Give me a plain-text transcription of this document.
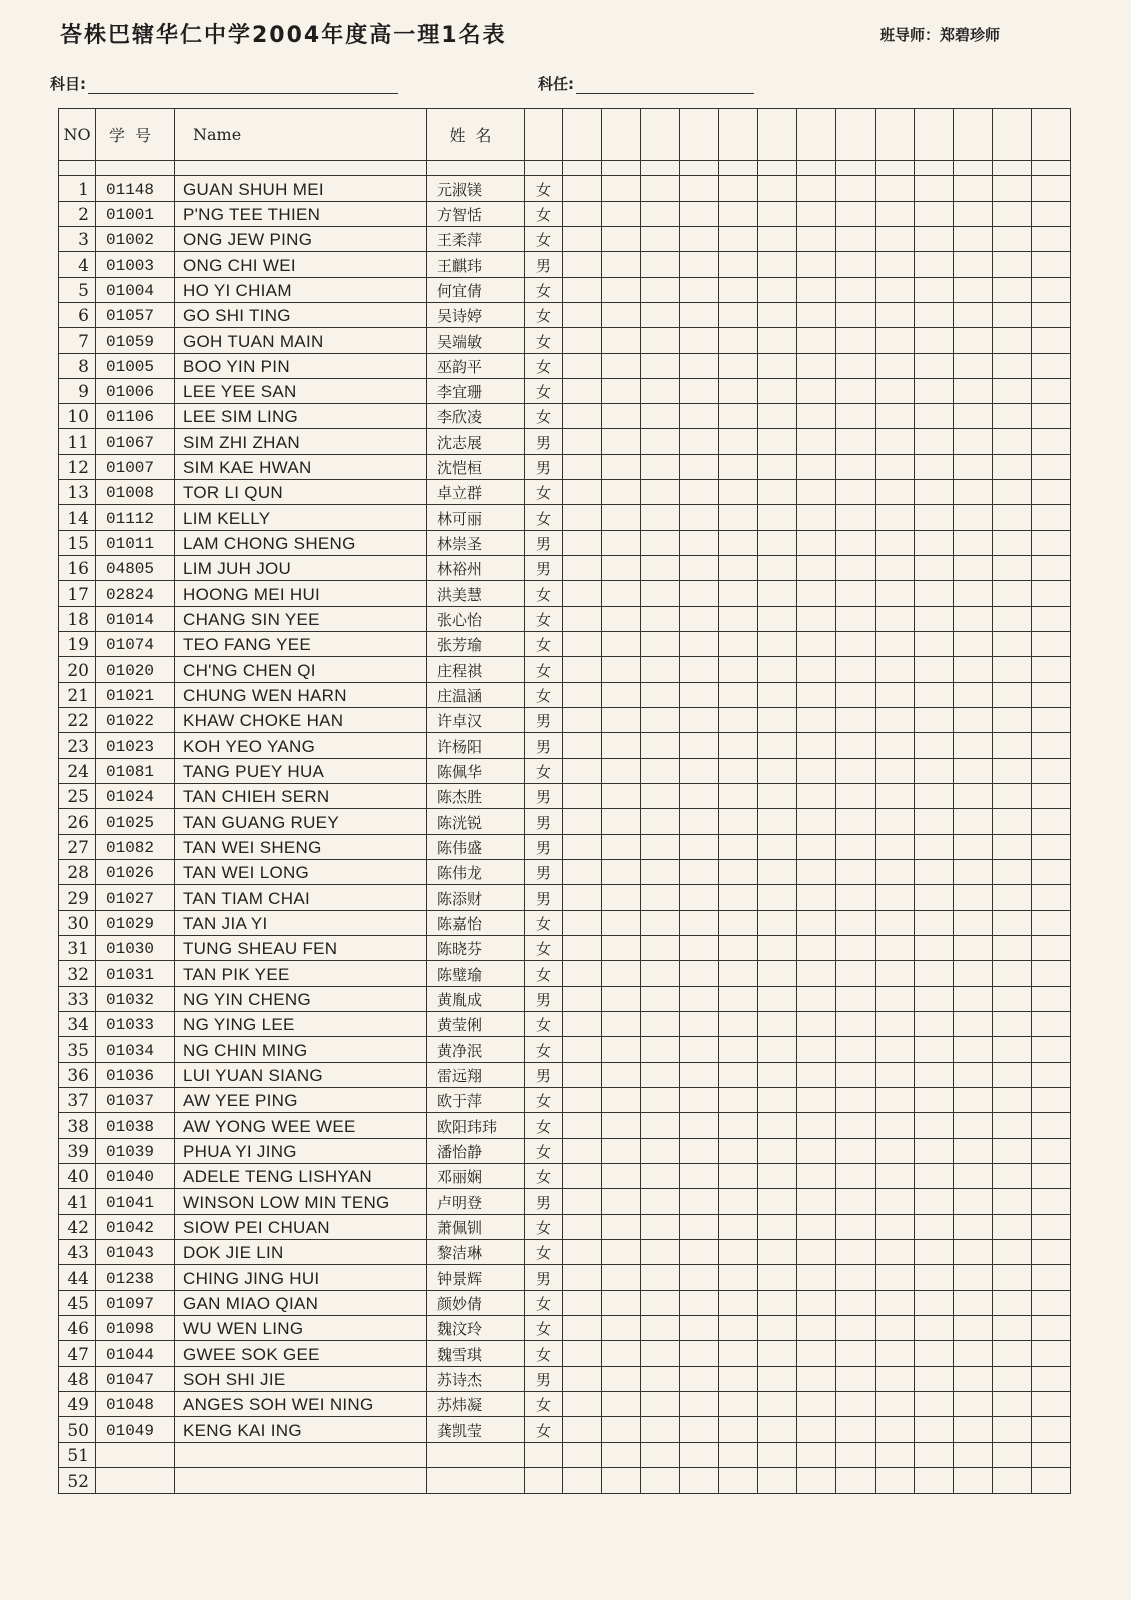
峇株巴辖华仁中学2004年度高一理1名表	班导师：郑碧珍师
科目:	科任:
NO	学号	Name	姓名														

1	01148	GUAN SHUH MEI	元淑镁	女													
2	01001	P'NG TEE THIEN	方智恬	女													
3	01002	ONG JEW PING	王柔萍	女													
4	01003	ONG CHI WEI	王麒玮	男													
5	01004	HO YI CHIAM	何宜倩	女													
6	01057	GO SHI TING	吴诗婷	女													
7	01059	GOH TUAN MAIN	吴端敏	女													
8	01005	BOO YIN PIN	巫韵平	女													
9	01006	LEE YEE SAN	李宜珊	女													
10	01106	LEE SIM LING	李欣凌	女													
11	01067	SIM ZHI ZHAN	沈志展	男													
12	01007	SIM KAE HWAN	沈恺桓	男													
13	01008	TOR LI QUN	卓立群	女													
14	01112	LIM KELLY	林可丽	女													
15	01011	LAM CHONG SHENG	林崇圣	男													
16	04805	LIM JUH JOU	林裕州	男													
17	02824	HOONG MEI HUI	洪美慧	女													
18	01014	CHANG SIN YEE	张心怡	女													
19	01074	TEO FANG YEE	张芳瑜	女													
20	01020	CH'NG CHEN QI	庄程祺	女													
21	01021	CHUNG WEN HARN	庄温涵	女													
22	01022	KHAW CHOKE HAN	许卓汉	男													
23	01023	KOH YEO YANG	许杨阳	男													
24	01081	TANG PUEY HUA	陈佩华	女													
25	01024	TAN CHIEH SERN	陈杰胜	男													
26	01025	TAN GUANG RUEY	陈洸锐	男													
27	01082	TAN WEI SHENG	陈伟盛	男													
28	01026	TAN WEI LONG	陈伟龙	男													
29	01027	TAN TIAM CHAI	陈添财	男													
30	01029	TAN JIA YI	陈嘉怡	女													
31	01030	TUNG SHEAU FEN	陈晓芬	女													
32	01031	TAN PIK YEE	陈璧瑜	女													
33	01032	NG YIN CHENG	黄胤成	男													
34	01033	NG YING LEE	黄莹俐	女													
35	01034	NG CHIN MING	黄净泯	女													
36	01036	LUI YUAN SIANG	雷远翔	男													
37	01037	AW YEE PING	欧于萍	女													
38	01038	AW YONG WEE WEE	欧阳玮玮	女													
39	01039	PHUA YI JING	潘怡静	女													
40	01040	ADELE TENG LISHYAN	邓丽娴	女													
41	01041	WINSON LOW MIN TENG	卢明登	男													
42	01042	SIOW PEI CHUAN	萧佩钏	女													
43	01043	DOK JIE LIN	黎洁琳	女													
44	01238	CHING JING HUI	钟景辉	男													
45	01097	GAN MIAO QIAN	颜妙倩	女													
46	01098	WU WEN LING	魏汶玲	女													
47	01044	GWEE SOK GEE	魏雪琪	女													
48	01047	SOH SHI JIE	苏诗杰	男													
49	01048	ANGES SOH WEI NING	苏炜凝	女													
50	01049	KENG KAI ING	龚凯莹	女													
51																	
52																	
